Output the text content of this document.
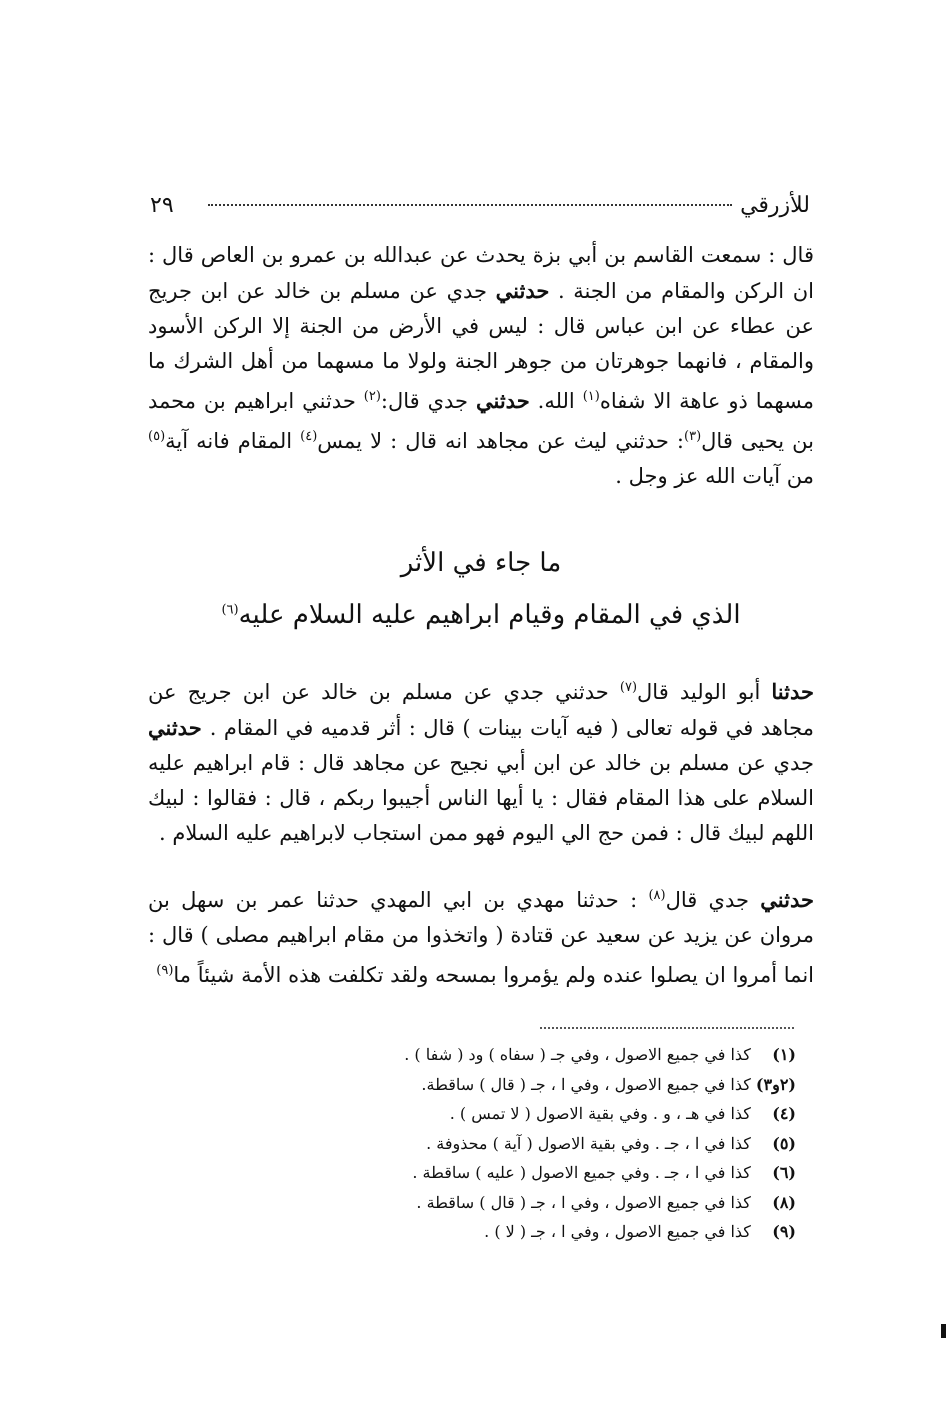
للأزرقي
٢٩

قال : سمعت القاسم بن أبي بزة يحدث عن عبدالله بن عمرو بن العاص قال : ان الركن والمقام من الجنة . حدثني جدي عن مسلم بن خالد عن ابن جريج عن عطاء عن ابن عباس قال : ليس في الأرض من الجنة إلا الركن الأسود والمقام ، فانهما جوهرتان من جوهر الجنة ولولا ما مسهما من أهل الشرك ما مسهما ذو عاهة الا شفاه$^{(١)}$ الله. حدثني جدي قال:$^{(٢)}$ حدثني ابراهيم بن محمد بن يحيى قال$^{(٣)}$: حدثني ليث عن مجاهد انه قال : لا يمس$^{(٤)}$ المقام فانه آية$^{(٥)}$ من آيات الله عز وجل .

ما جاء في الأثر
الذي في المقام وقيام ابراهيم عليه السلام عليه$^{(٦)}$

حدثنا أبو الوليد قال$^{(٧)}$ حدثني جدي عن مسلم بن خالد عن ابن جريج عن مجاهد في قوله تعالى ( فيه آيات بينات ) قال : أثر قدميه في المقام . حدثني جدي عن مسلم بن خالد عن ابن أبي نجيح عن مجاهد قال : قام ابراهيم عليه السلام على هذا المقام فقال : يا أيها الناس أجيبوا ربكم ، قال : فقالوا : لبيك اللهم لبيك قال : فمن حج الي اليوم فهو ممن استجاب لابراهيم عليه السلام .

حدثني جدي قال$^{(٨)}$ : حدثنا مهدي بن ابي المهدي حدثنا عمر بن سهل بن مروان عن يزيد عن سعيد عن قتادة ( واتخذوا من مقام ابراهيم مصلى ) قال : انما أمروا ان يصلوا عنده ولم يؤمروا بمسحه ولقد تكلفت هذه الأمة شيئاً ما$^{(٩)}$

(١) كذا في جميع الاصول ، وفي جـ ( سفاه ) ود ( شفا ) .
(٢و٣) كذا في جميع الاصول ، وفي ا ، جـ ( قال ) ساقطة.
(٤) كذا في هـ ، و . وفي بقية الاصول ( لا تمس ) .
(٥) كذا في ا ، جـ . وفي بقية الاصول ( آية ) محذوفة .
(٦) كذا في ا ، جـ . وفي جميع الاصول ( عليه ) ساقطة .
(٨) كذا في جميع الاصول ، وفي ا ، جـ ( قال ) ساقطة .
(٩) كذا في جميع الاصول ، وفي ا ، جـ ( لا ) .
